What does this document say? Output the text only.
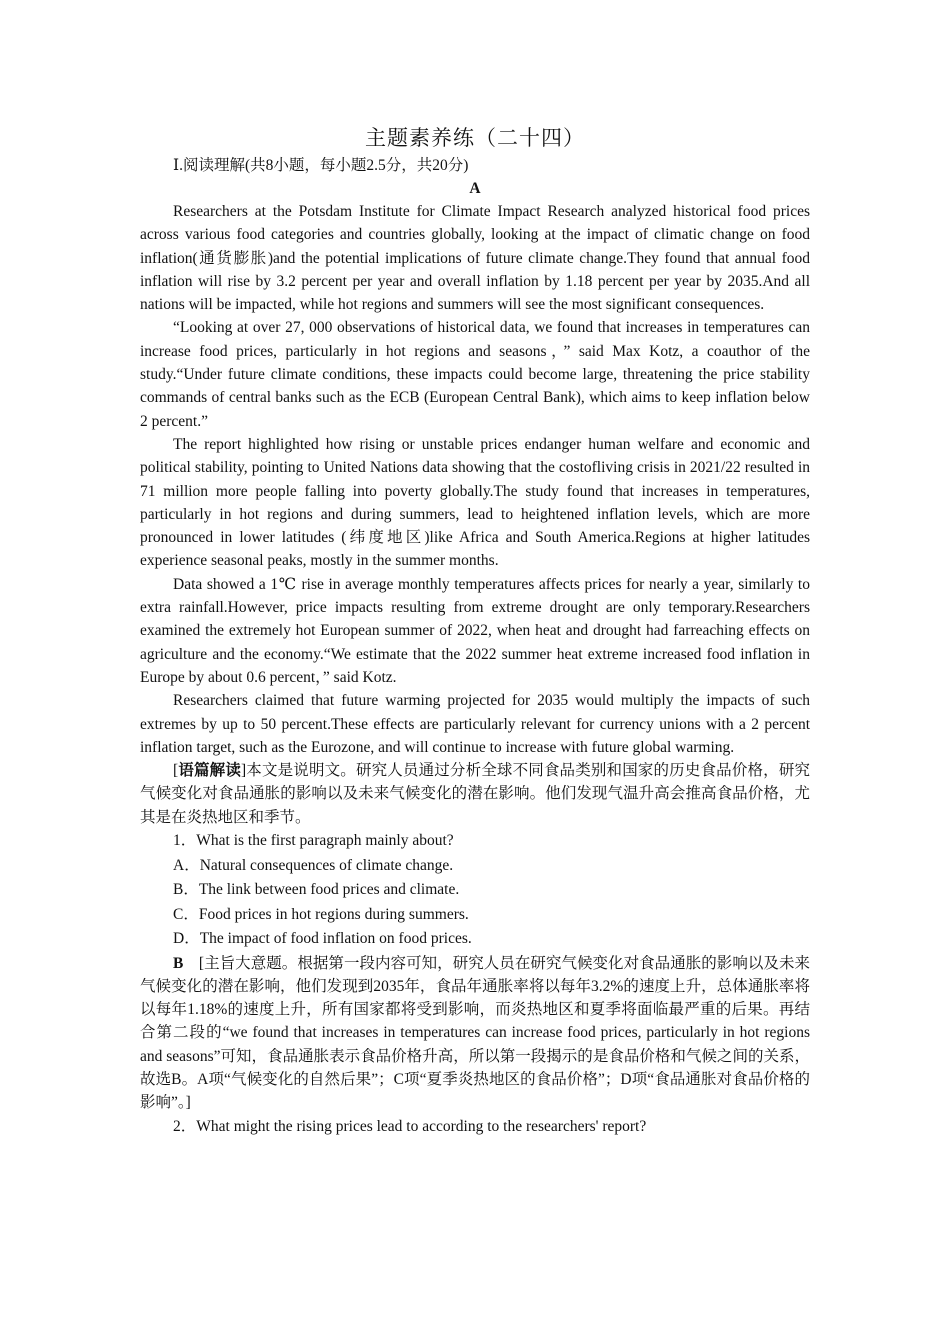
主题素养练（二十四）
Ⅰ.阅读理解(共8小题，每小题2.5分，共20分)
A

Researchers at the Potsdam Institute for Climate Impact Research analyzed historical food prices across various food categories and countries globally, looking at the impact of climatic change on food inflation(通货膨胀)and the potential implications of future climate change.They found that annual food inflation will rise by 3.2 percent per year and overall inflation by 1.18 percent per year by 2035.And all nations will be impacted, while hot regions and summers will see the most significant consequences.

“Looking at over 27, 000 observations of historical data, we found that increases in temperatures can increase food prices, particularly in hot regions and seasons，” said Max Kotz, a coauthor of the study.“Under future climate conditions, these impacts could become large, threatening the price stability commands of central banks such as the ECB (European Central Bank), which aims to keep inflation below 2 percent.”

The report highlighted how rising or unstable prices endanger human welfare and economic and political stability, pointing to United Nations data showing that the costofliving crisis in 2021/22 resulted in 71 million more people falling into poverty globally.The study found that increases in temperatures, particularly in hot regions and during summers, lead to heightened inflation levels, which are more pronounced in lower latitudes (纬度地区)like Africa and South America.Regions at higher latitudes experience seasonal peaks, mostly in the summer months.

Data showed a 1℃ rise in average monthly temperatures affects prices for nearly a year, similarly to extra rainfall.However, price impacts resulting from extreme drought are only temporary.Researchers examined the extremely hot European summer of 2022, when heat and drought had farreaching effects on agriculture and the economy.“We estimate that the 2022 summer heat extreme increased food inflation in Europe by about 0.6 percent，” said Kotz.

Researchers claimed that future warming projected for 2035 would multiply the impacts of such extremes by up to 50 percent.These effects are particularly relevant for currency unions with a 2 percent inflation target, such as the Eurozone, and will continue to increase with future global warming.

[语篇解读]本文是说明文。研究人员通过分析全球不同食品类别和国家的历史食品价格，研究气候变化对食品通胀的影响以及未来气候变化的潜在影响。他们发现气温升高会推高食品价格，尤其是在炎热地区和季节。

1．What is the first paragraph mainly about?
A．Natural consequences of climate change.
B．The link between food prices and climate.
C．Food prices in hot regions during summers.
D．The impact of food inflation on food prices.

B　[主旨大意题。根据第一段内容可知，研究人员在研究气候变化对食品通胀的影响以及未来气候变化的潜在影响，他们发现到2035年，食品年通胀率将以每年3.2%的速度上升，总体通胀率将以每年1.18%的速度上升，所有国家都将受到影响，而炎热地区和夏季将面临最严重的后果。再结合第二段的“we found that increases in temperatures can increase food prices, particularly in hot regions and seasons”可知，食品通胀表示食品价格升高，所以第一段揭示的是食品价格和气候之间的关系，故选B。A项“气候变化的自然后果”；C项“夏季炎热地区的食品价格”；D项“食品通胀对食品价格的影响”。]

2．What might the rising prices lead to according to the researchers' report?
